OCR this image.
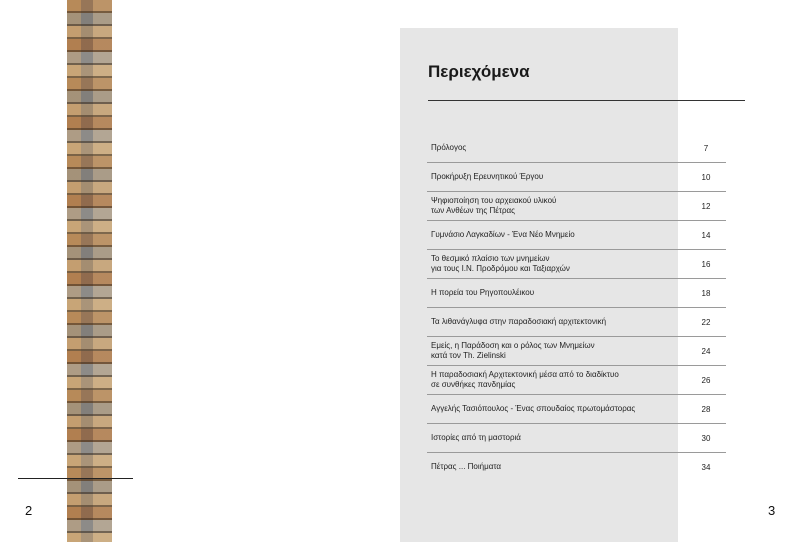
2	3
Περιεχόμενα
Πρόλογος	7
Προκήρυξη Ερευνητικού Έργου	10
Ψηφιοποίηση του αρχειακού υλικού
των Ανθέων της Πέτρας	12
Γυμνάσιο Λαγκαδίων - Ένα Νέο Μνημείο	14
Το θεσμικό πλαίσιο των μνημείων
για τους Ι.Ν. Προδρόμου και Ταξιαρχών	16
Η πορεία του Ρηγοπουλέικου	18
Τα λιθανάγλυφα στην παραδοσιακή αρχιτεκτονική	22
Εμείς, η Παράδοση και ο ρόλος των Μνημείων
κατά τον Th. Zielinski	24
Η παραδοσιακή Αρχιτεκτονική μέσα από το διαδίκτυο
σε συνθήκες πανδημίας	26
Αγγελής Τασιόπουλος - Ένας σπουδαίος πρωτομάστορας	28
Ιστορίες από τη μαστοριά	30
Πέτρας ... Ποιήματα	34
